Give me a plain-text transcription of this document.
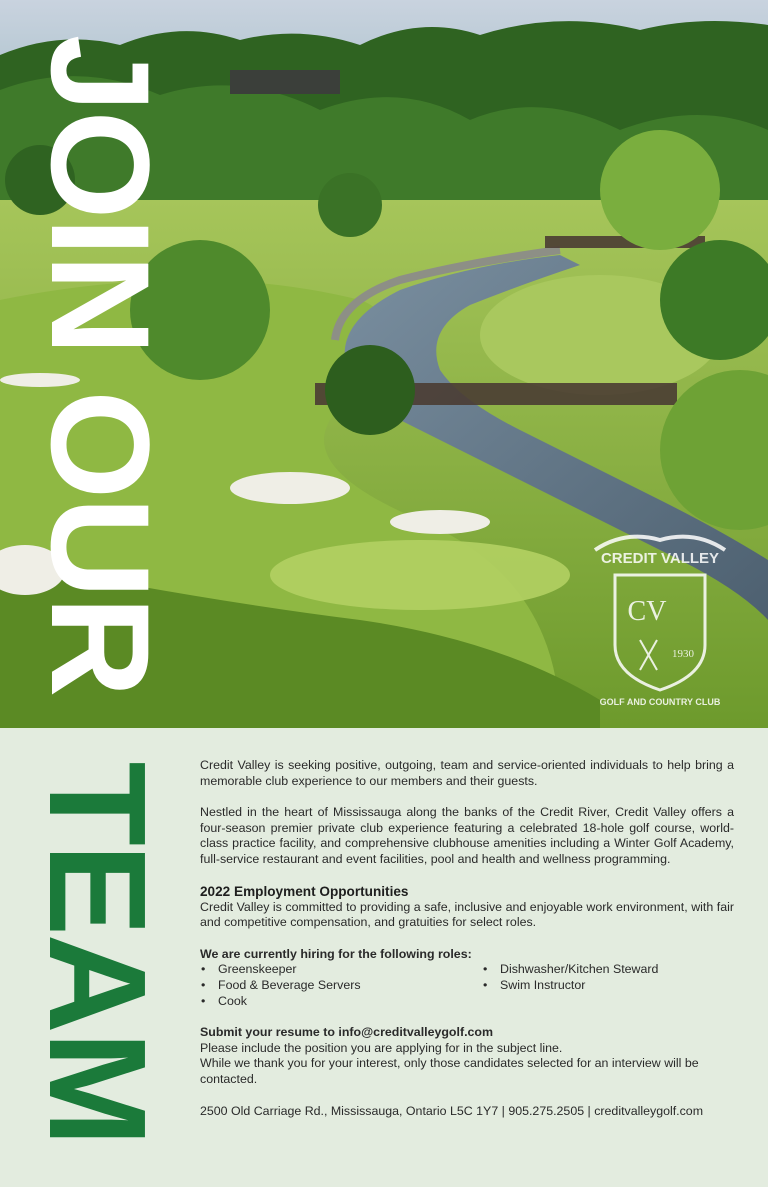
JOIN OUR	CREDIT VALLEY
CV
1930
GOLF AND COUNTRY CLUB
TEAM Credit Valley is seeking positive, outgoing, team and service-oriented individuals to help bring a memorable club experience to our members and their guests.

Nestled in the heart of Mississauga along the banks of the Credit River, Credit Valley offers a four-season premier private club experience featuring a celebrated 18-hole golf course, world-class practice facility, and comprehensive clubhouse amenities including a Winter Golf Academy, full-service restaurant and event facilities, pool and health and wellness programming.

2022 Employment Opportunities

Credit Valley is committed to providing a safe, inclusive and enjoyable work environment, with fair and competitive compensation, and gratuities for select roles.

We are currently hiring for the following roles:
• Greenskeeper
• Food & Beverage Servers
• Cook
• Dishwasher/Kitchen Steward
• Swim Instructor
Submit your resume to info@creditvalleygolf.com
Please include the position you are applying for in the subject line.
While we thank you for your interest, only those candidates selected for an interview will be contacted.
2500 Old Carriage Rd., Mississauga, Ontario L5C 1Y7 | 905.275.2505 | creditvalleygolf.com
